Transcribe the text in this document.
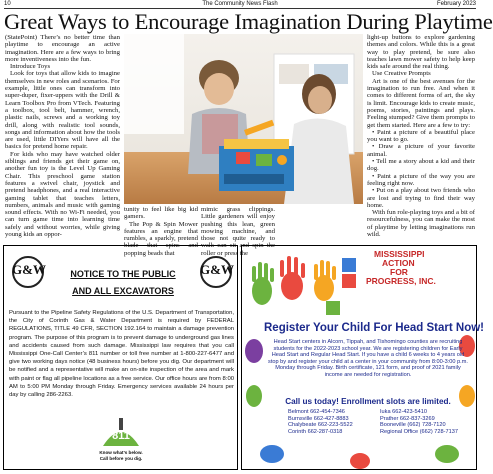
10	The Community News Flash	February 2023
Great Ways to Encourage Imagination During Playtime

(StatePoint) There’s no better time than playtime to encourage an active imagination. Here are a few ways to bring more inventiveness into the fun.

Introduce Toys

Look for toys that allow kids to imagine themselves in new roles and scenarios. For example, little ones can transform into super-duper, fixer-uppers with the Drill & Learn Toolbox Pro from VTech. Featuring a toolbox, tool belt, hammer, wrench, plastic nails, screws and a working toy drill, along with realistic tool sounds, songs and information about how the tools are used, little DIYers will have all the basics for pretend home repair.

For kids who may have watched older siblings and friends get their game on, another fun toy is the Level Up Gaming Chair. This preschool game station features a swivel chair, joystick and pretend headphones, and a real interactive gaming tablet that teaches letters, numbers, animals and music with gaming sound effects. With no Wi-Fi needed, you can turn game time into learning time safely and without worries, while giving young kids an oppor-

tunity to feel like big kid gamers.
The Pop & Spin Mower features an engine that rumbles, a sparkly, pretend blade that spins and popping beads that
mimic grass clippings. Little gardeners will enjoy pushing this lean, green mowing machine, and those not quite ready to walk can sit and spin the roller or press the

light-up buttons to explore gardening themes and colors. While this is a great way to play pretend, be sure also teaches lawn mower safety to help keep kids safe around the real thing.

Use Creative Prompts

Art is one of the best avenues for the imagination to run free. And when it comes to different forms of art, the sky is limit. Encourage kids to create music, poems, stories, paintings and plays. Feeling stumped? Give them prompts to get them started. Here are a few to try:

• Paint a picture of a beautiful place you want to go.

• Draw a picture of your favorite animal.

• Tell me a story about a kid and their dog.

• Paint a picture of the way you are feeling right now.

• Put on a play about two friends who are lost and trying to find their way home.

With fun role-playing toys and a bit of resourcefulness, you can make the most of playtime by letting imaginations run wild.

G&W	G&W
NOTICE TO THE PUBLIC
AND ALL EXCAVATORS
Pursuant to the Pipeline Safety Regulations of the U.S. Department of Transportation, the City of Corinth Gas & Water Department is required by FEDERAL REGULATIONS, TITLE 49 CFR, SECTION 192.164 to maintain a damage prevention program. The purpose of this program is to prevent damage to underground gas lines and accidents caused from such damage. Mississippi law requires that you call Mississippi One-Call Center’s 811 number or toll free number at 1-800-227-6477 and give two working days notice (48 business hours) before you dig. Our department will be notified and a representative will make an on-site inspection of the area and mark with paint or flag all pipeline locations as a free service. Our office hours are from 8:00 AM to 5:00 PM Monday through Friday. Emergency services available 24 hours per day by calling 286-2263.
811
Know what’s below.
Call before you dig.
MISSISSIPPI
ACTION
FOR
PROGRESS, INC.
Register Your Child For Head Start Now!
Head Start centers in Alcorn, Tippah, and Tishomingo counties are recruiting students for the 2022-2023 school year. We are registering children for Early Head Start and Regular Head Start. If you have a child 6 weeks to 4 years old stop by and register your child at a center in your community from 8:00-3:00 p.m. Monday through Friday. Birth certificate, 121 form, and proof of 2021 family income are needed for registration.
Call us today! Enrollment slots are limited.
Belmont 662-454-7346
Burnsville 662-427-8883
Chalybeate 662-223-5522
Corinth 662-287-0318
Iuka 662-423-5410
Prather 662-837-3269
Booneville (662) 728-7120
Regional Office (662) 728-7137
